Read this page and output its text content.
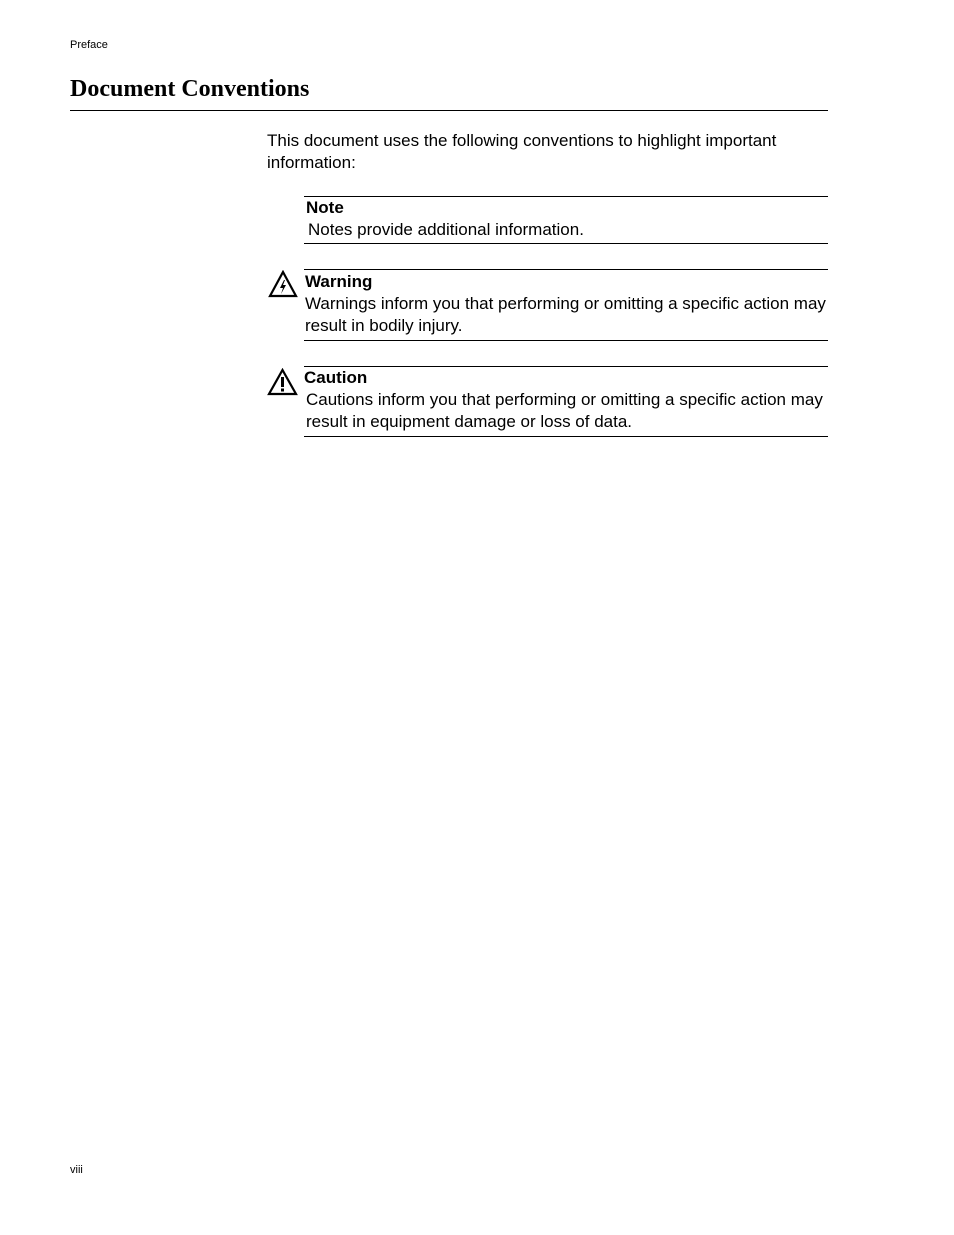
Preface
Document Conventions
This document uses the following conventions to highlight important information:
Note
Notes provide additional information.
Warning
Warnings inform you that performing or omitting a specific action may result in bodily injury.
Caution
Cautions inform you that performing or omitting a specific action may result in equipment damage or loss of data.
viii
